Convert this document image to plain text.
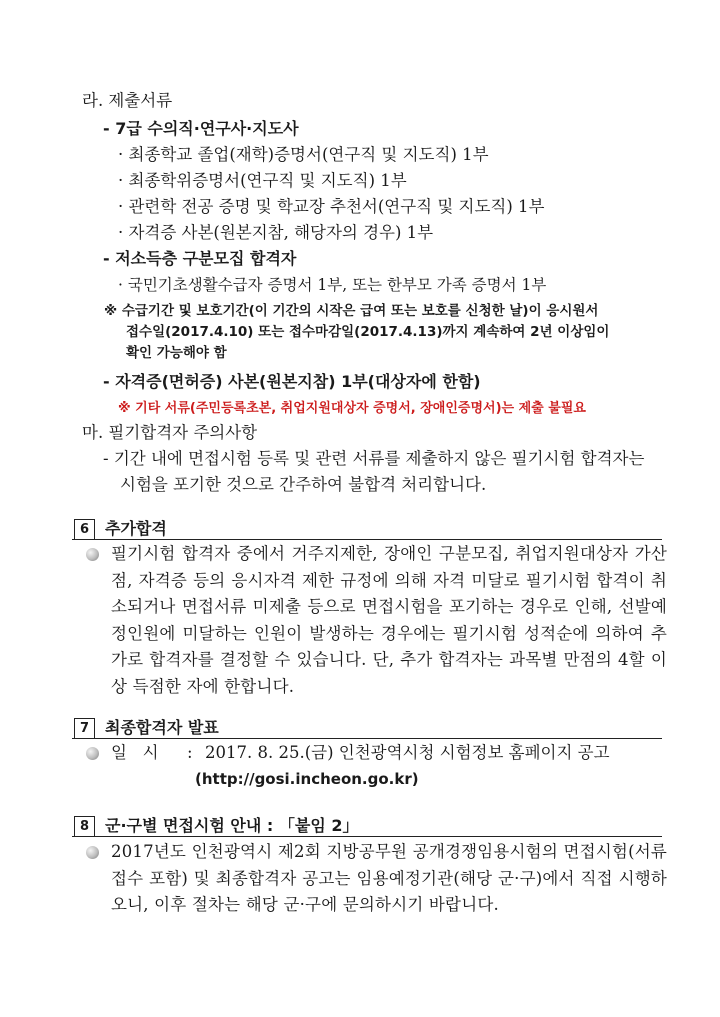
라. 제출서류
- 7급 수의직·연구사·지도사
· 최종학교 졸업(재학)증명서(연구직 및 지도직) 1부
· 최종학위증명서(연구직 및 지도직) 1부
· 관련학 전공 증명 및 학교장 추천서(연구직 및 지도직) 1부
· 자격증 사본(원본지참, 해당자의 경우) 1부
- 저소득층 구분모집 합격자
· 국민기초생활수급자 증명서 1부, 또는 한부모 가족 증명서 1부
※ 수급기간 및 보호기간(이 기간의 시작은 급여 또는 보호를 신청한 날)이 응시원서
접수일(2017.4.10) 또는 접수마감일(2017.4.13)까지 계속하여 2년 이상임이
확인 가능해야 함
- 자격증(면허증) 사본(원본지참) 1부(대상자에 한함)
※ 기타 서류(주민등록초본, 취업지원대상자 증명서, 장애인증명서)는 제출 불필요
마. 필기합격자 주의사항
- 기간 내에 면접시험 등록 및 관련 서류를 제출하지 않은 필기시험 합격자는
시험을 포기한 것으로 간주하여 불합격 처리합니다.
6 추가합격
필기시험 합격자 중에서 거주지제한, 장애인 구분모집, 취업지원대상자 가산점, 자격증 등의 응시자격 제한 규정에 의해 자격 미달로 필기시험 합격이 취소되거나 면접서류 미제출 등으로 면접시험을 포기하는 경우로 인해, 선발예정인원에 미달하는 인원이 발생하는 경우에는 필기시험 성적순에 의하여 추가로 합격자를 결정할 수 있습니다. 단, 추가 합격자는 과목별 만점의 4할 이상 득점한 자에 한합니다.
7 최종합격자 발표
일   시 : 2017. 8. 25.(금) 인천광역시청 시험정보 홈페이지 공고
(http://gosi.incheon.go.kr)
8 군·구별 면접시험 안내 : 「붙임 2」
2017년도 인천광역시 제2회 지방공무원 공개경쟁임용시험의 면접시험(서류접수 포함) 및 최종합격자 공고는 임용예정기관(해당 군·구)에서 직접 시행하오니, 이후 절차는 해당 군·구에 문의하시기 바랍니다.
